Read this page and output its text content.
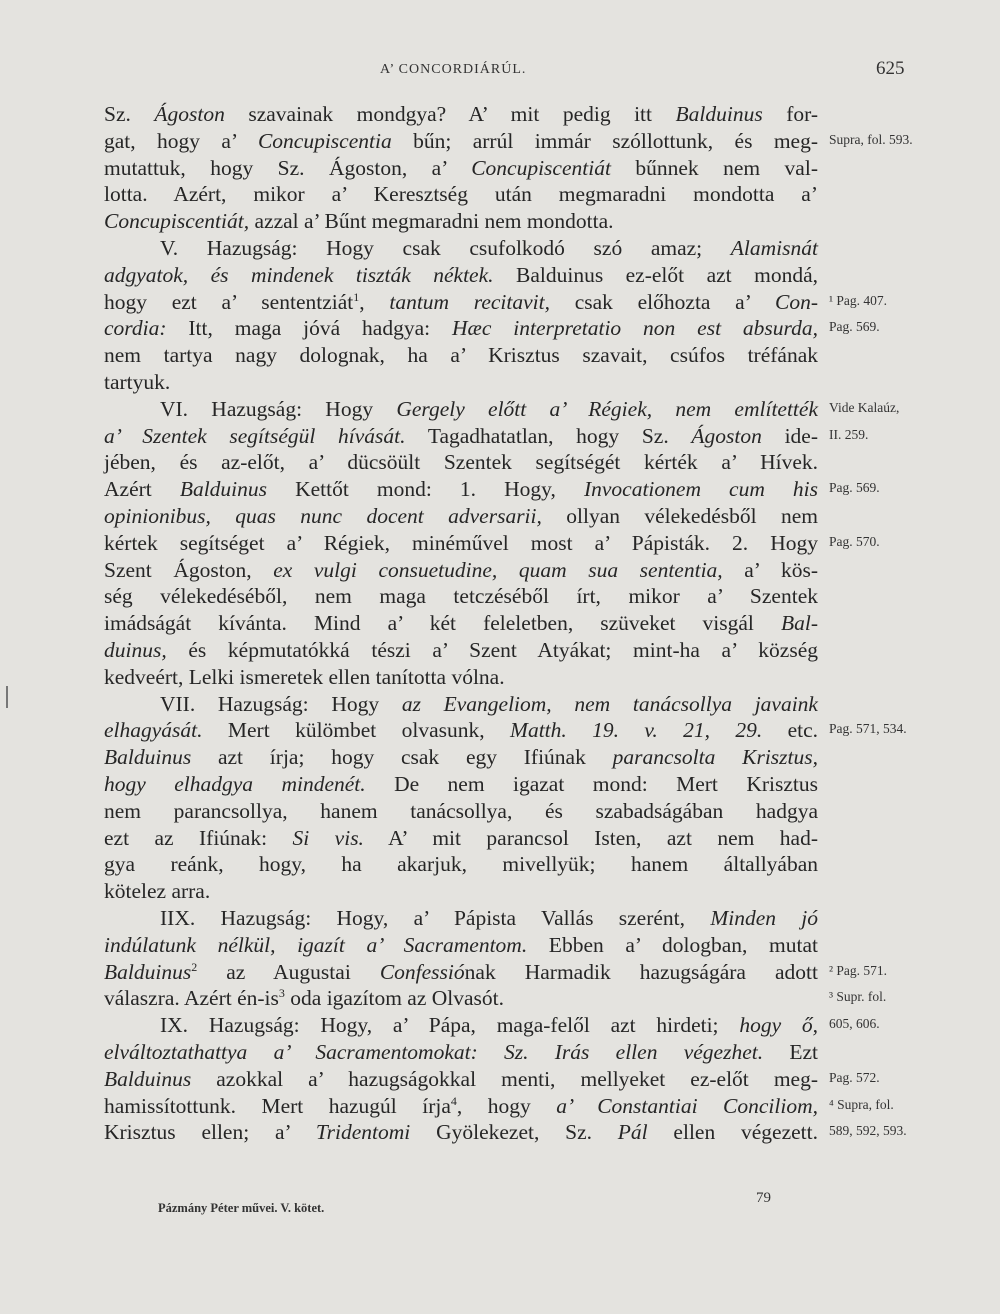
A’ CONCORDIÁRÚL.	625
Sz. Ágoston szavainak mondgya? A’ mit pedig itt Balduinus for-
gat, hogy a’ Concupiscentia bűn; arrúl immár szóllottunk, és meg-
mutattuk, hogy Sz. Ágoston, a’ Concupiscentiát bűnnek nem val-
lotta. Azért, mikor a’ Keresztség után megmaradni mondotta a’
Concupiscentiát, azzal a’ Bűnt megmaradni nem mondotta.
V. Hazugság: Hogy csak csufolkodó szó amaz; Alamisnát
adgyatok, és mindenek tiszták néktek. Balduinus ez-előt azt mondá,
hogy ezt a’ sententziát$^1$, tantum recitavit, csak előhozta a’ Con-
cordia: Itt, maga jóvá hadgya: Hæc interpretatio non est absurda,
nem tartya nagy dolognak, ha a’ Krisztus szavait, csúfos tréfának
tartyuk.
VI. Hazugság: Hogy Gergely előtt a’ Régiek, nem említették
a’ Szentek segítségül hívását. Tagadhatatlan, hogy Sz. Ágoston ide-
jében, és az-előt, a’ dücsöült Szentek segítségét kérték a’ Hívek.
Azért Balduinus Kettőt mond: 1. Hogy, Invocationem cum his
opinionibus, quas nunc docent adversarii, ollyan vélekedésből nem
kértek segítséget a’ Régiek, minéművel most a’ Pápisták. 2. Hogy
Szent Ágoston, ex vulgi consuetudine, quam sua sententia, a’ kös-
ség vélekedéséből, nem maga tetczéséből írt, mikor a’ Szentek
imádságát kívánta. Mind a’ két feleletben, szüveket visgál Bal-
duinus, és képmutatókká tészi a’ Szent Atyákat; mint-ha a’ község
kedveért, Lelki ismeretek ellen tanította vólna.
VII. Hazugság: Hogy az Evangeliom, nem tanácsollya javaink
elhagyását. Mert külömbet olvasunk, Matth. 19. v. 21, 29. etc.
Balduinus azt írja; hogy csak egy Ifiúnak parancsolta Krisztus,
hogy elhadgya mindenét. De nem igazat mond: Mert Krisztus
nem parancsollya, hanem tanácsollya, és szabadságában hadgya
ezt az Ifiúnak: Si vis. A’ mit parancsol Isten, azt nem had-
gya reánk, hogy, ha akarjuk, mivellyük; hanem általlyában
kötelez arra.
IIX. Hazugság: Hogy, a’ Pápista Vallás szerént, Minden jó
indúlatunk nélkül, igazít a’ Sacramentom. Ebben a’ dologban, mutat
Balduinus$^2$ az Augustai Confessiónak Harmadik hazugságára adott
válaszra. Azért $én-is^3$ oda igazítom az Olvasót.
IX. Hazugság: Hogy, a’ Pápa, maga-felől azt hirdeti; hogy ő,
elváltoztathattya a’ Sacramentomokat: Sz. Irás ellen végezhet. Ezt
Balduinus azokkal a’ hazugságokkal menti, mellyeket ez-előt meg-
hamissítottunk. Mert hazugúl írja$^4$, hogy a’ Constantiai Conciliom,
Krisztus ellen; a’ Tridentomi Gyölekezet, Sz. Pál ellen végezett.
Supra, fol. 593.
¹ Pag. 407.
Pag. 569.
Vide Kalaúz,
II. 259.
Pag. 569.
Pag. 570.
Pag. 571, 534.
² Pag. 571.
³ Supr. fol.
605, 606.
Pag. 572.
⁴ Supra, fol.
589, 592, 593.
Pázmány Péter művei. V. kötet.
79
